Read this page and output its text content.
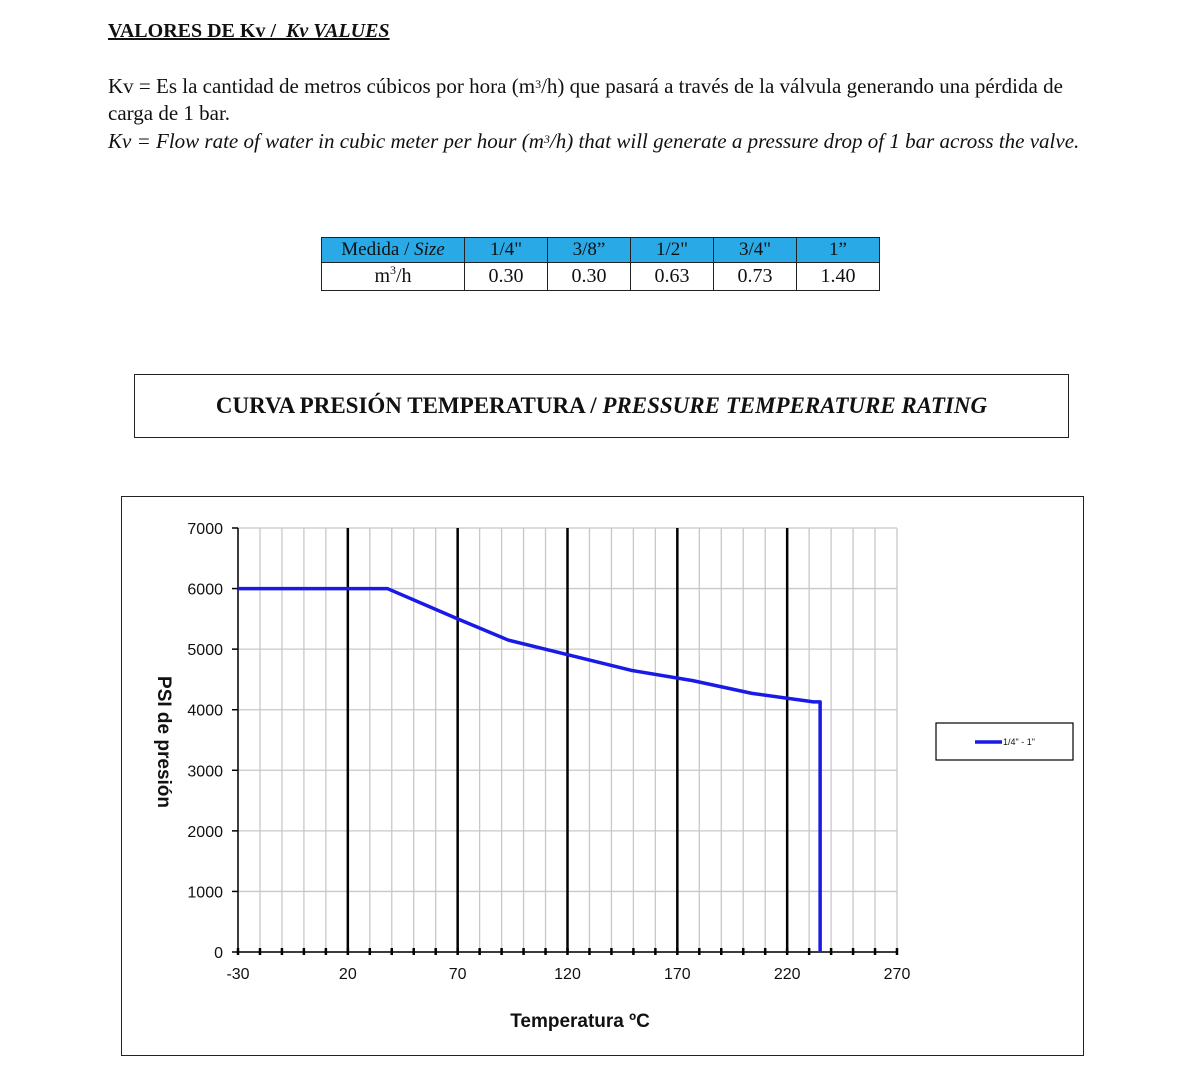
VALORES DE Kv / Kv VALUES
Kv = Es la cantidad de metros cúbicos por hora $(m^3/h)$ que pasará a través de la válvula generando una pérdida de carga de 1 bar.
Kv = Flow rate of water in cubic meter per hour $(m^3/h)$ that will generate a pressure drop of 1 bar across the valve.
Medida / Size	1/4"	3/8”	1/2"	3/4"	1”
$m^3/h$	0.30	0.30	0.63	0.73	1.40
CURVA PRESIÓN TEMPERATURA /
PRESSURE TEMPERATURE RATING
-30	20	70	120	170	220	270
0
1000
2000
3000
4000
5000
6000
7000
Temperatura ºC
PSI de presión	1/4" - 1"
